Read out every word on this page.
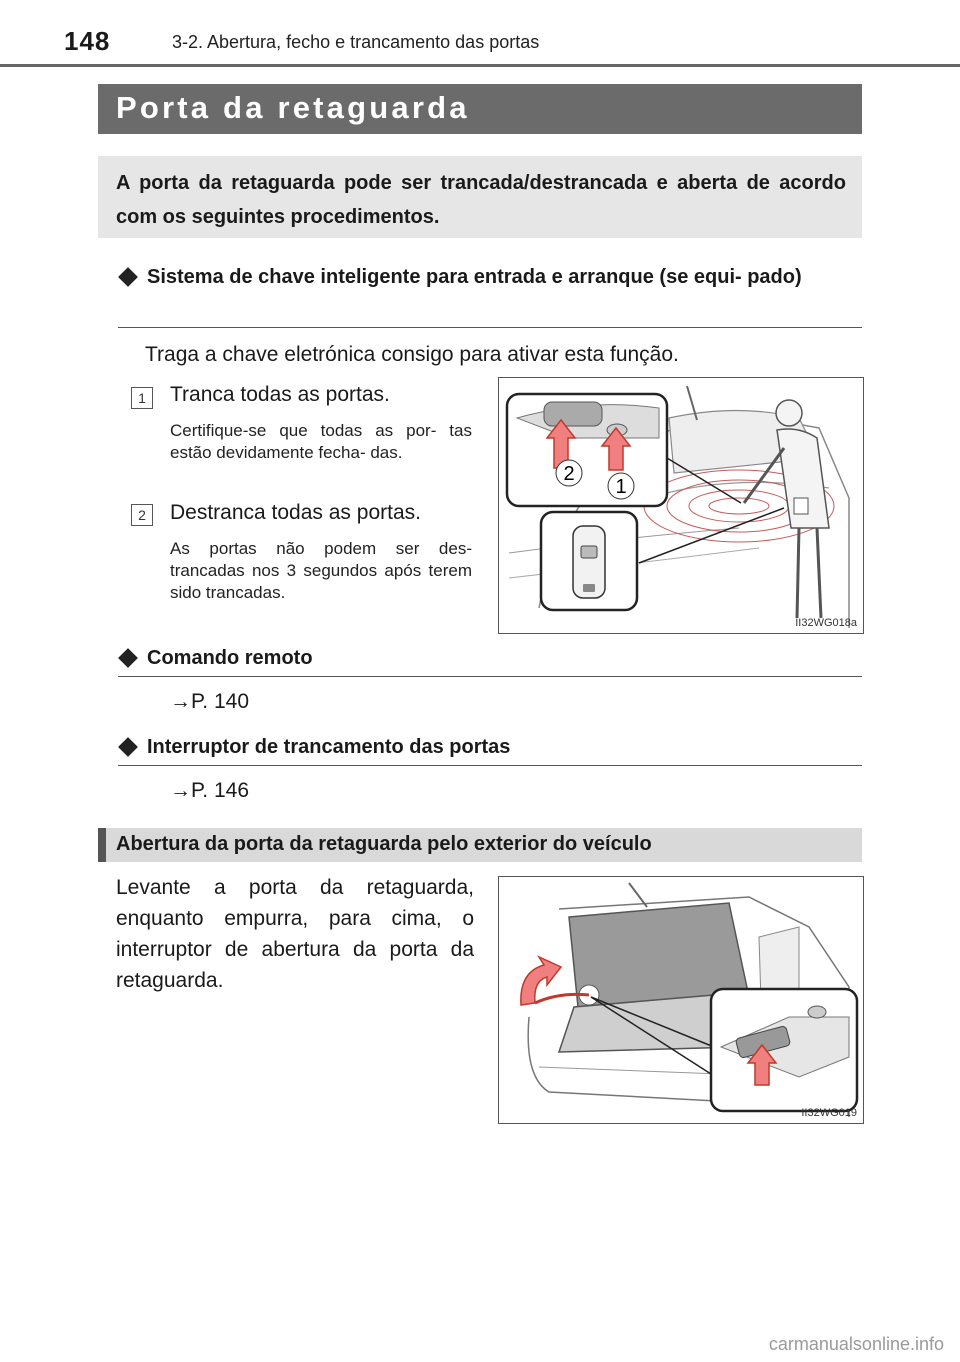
148	3-2. Abertura, fecho e trancamento das portas
Porta da retaguarda
A porta da retaguarda pode ser trancada/destrancada e aberta de acordo com os seguintes procedimentos.
Sistema de chave inteligente para entrada e arranque (se equi- pado)
Traga a chave eletrónica consigo para ativar esta função.
1	Tranca todas as portas.
Certifique-se que todas as por- tas estão devidamente fecha- das.
2	Destranca todas as portas.
As portas não podem ser des- trancadas nos 3 segundos após terem sido trancadas.
2
1
II32WG018a
Comando remoto
→P. 140
Interruptor de trancamento das portas
→P. 146
Abertura da porta da retaguarda pelo exterior do veículo
Levante a porta da retaguarda, enquanto empurra, para cima, o interruptor de abertura da porta da retaguarda.
II32WG019
carmanualsonline.info
